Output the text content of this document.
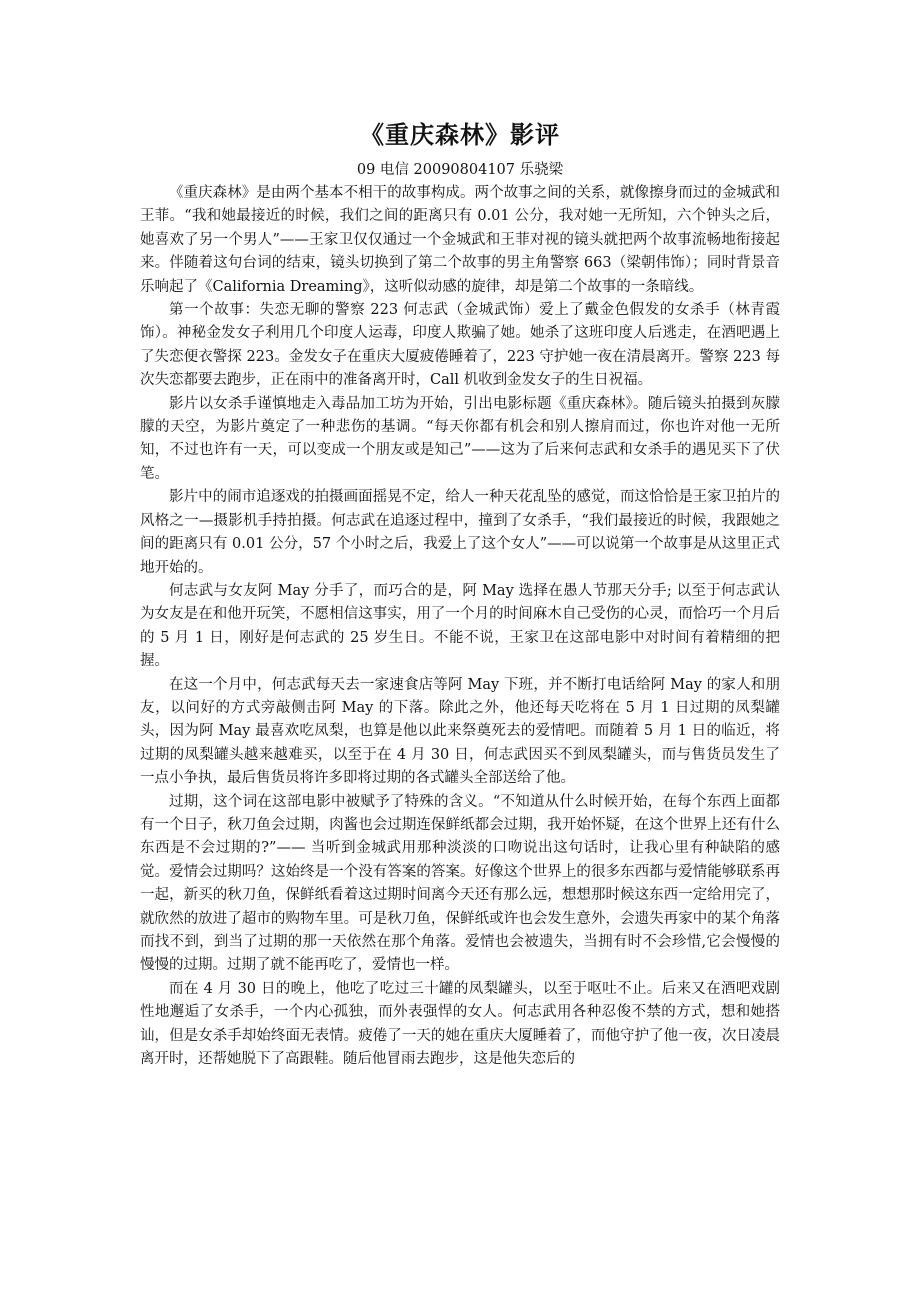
《重庆森林》影评
09 电信 20090804107 乐骁梁

《重庆森林》是由两个基本不相干的故事构成。两个故事之间的关系，就像擦身而过的金城武和王菲。“我和她最接近的时候，我们之间的距离只有 0.01 公分，我对她一无所知，六个钟头之后，她喜欢了另一个男人”——王家卫仅仅通过一个金城武和王菲对视的镜头就把两个故事流畅地衔接起来。伴随着这句台词的结束，镜头切换到了第二个故事的男主角警察 663（梁朝伟饰）；同时背景音乐响起了《California Dreaming》，这听似动感的旋律，却是第二个故事的一条暗线。

第一个故事：失恋无聊的警察 223 何志武（金城武饰）爱上了戴金色假发的女杀手（林青霞饰）。神秘金发女子利用几个印度人运毒，印度人欺骗了她。她杀了这班印度人后逃走，在酒吧遇上了失恋便衣警探 223。金发女子在重庆大厦疲倦睡着了，223 守护她一夜在清晨离开。警察 223 每次失恋都要去跑步，正在雨中的准备离开时，Call 机收到金发女子的生日祝福。

影片以女杀手谨慎地走入毒品加工坊为开始，引出电影标题《重庆森林》。随后镜头拍摄到灰朦朦的天空，为影片奠定了一种悲伤的基调。“每天你都有机会和别人擦肩而过，你也许对他一无所知，不过也许有一天，可以变成一个朋友或是知己”——这为了后来何志武和女杀手的遇见买下了伏笔。

影片中的闹市追逐戏的拍摄画面摇晃不定，给人一种天花乱坠的感觉，而这恰恰是王家卫拍片的风格之一—摄影机手持拍摄。何志武在追逐过程中，撞到了女杀手，“我们最接近的时候，我跟她之间的距离只有 0.01 公分，57 个小时之后，我爱上了这个女人”——可以说第一个故事是从这里正式地开始的。

何志武与女友阿 May 分手了，而巧合的是，阿 May 选择在愚人节那天分手; 以至于何志武认为女友是在和他开玩笑，不愿相信这事实，用了一个月的时间麻木自己受伤的心灵，而恰巧一个月后的 5 月 1 日，刚好是何志武的 25 岁生日。不能不说，王家卫在这部电影中对时间有着精细的把握。

在这一个月中，何志武每天去一家速食店等阿 May 下班，并不断打电话给阿 May 的家人和朋友，以问好的方式旁敲侧击阿 May 的下落。除此之外，他还每天吃将在 5 月 1 日过期的凤梨罐头，因为阿 May 最喜欢吃凤梨，也算是他以此来祭奠死去的爱情吧。而随着 5 月 1 日的临近，将过期的凤梨罐头越来越难买，以至于在 4 月 30 日，何志武因买不到凤梨罐头，而与售货员发生了一点小争执，最后售货员将许多即将过期的各式罐头全部送给了他。

过期，这个词在这部电影中被赋予了特殊的含义。“不知道从什么时候开始，在每个东西上面都有一个日子，秋刀鱼会过期，肉酱也会过期连保鲜纸都会过期，我开始怀疑，在这个世界上还有什么东西是不会过期的?”—— 当听到金城武用那种淡淡的口吻说出这句话时，让我心里有种缺陷的感觉。爱情会过期吗？这始终是一个没有答案的答案。好像这个世界上的很多东西都与爱情能够联系再一起，新买的秋刀鱼，保鲜纸看着这过期时间离今天还有那么远，想想那时候这东西一定给用完了，就欣然的放进了超市的购物车里。可是秋刀鱼，保鲜纸或许也会发生意外，会遗失再家中的某个角落而找不到，到当了过期的那一天依然在那个角落。爱情也会被遗失，当拥有时不会珍惜,它会慢慢的慢慢的过期。过期了就不能再吃了，爱情也一样。

而在 4 月 30 日的晚上，他吃了吃过三十罐的凤梨罐头，以至于呕吐不止。后来又在酒吧戏剧性地邂逅了女杀手，一个内心孤独，而外表强悍的女人。何志武用各种忍俊不禁的方式，想和她搭讪，但是女杀手却始终面无表情。疲倦了一天的她在重庆大厦睡着了，而他守护了他一夜，次日凌晨离开时，还帮她脱下了高跟鞋。随后他冒雨去跑步，这是他失恋后的
